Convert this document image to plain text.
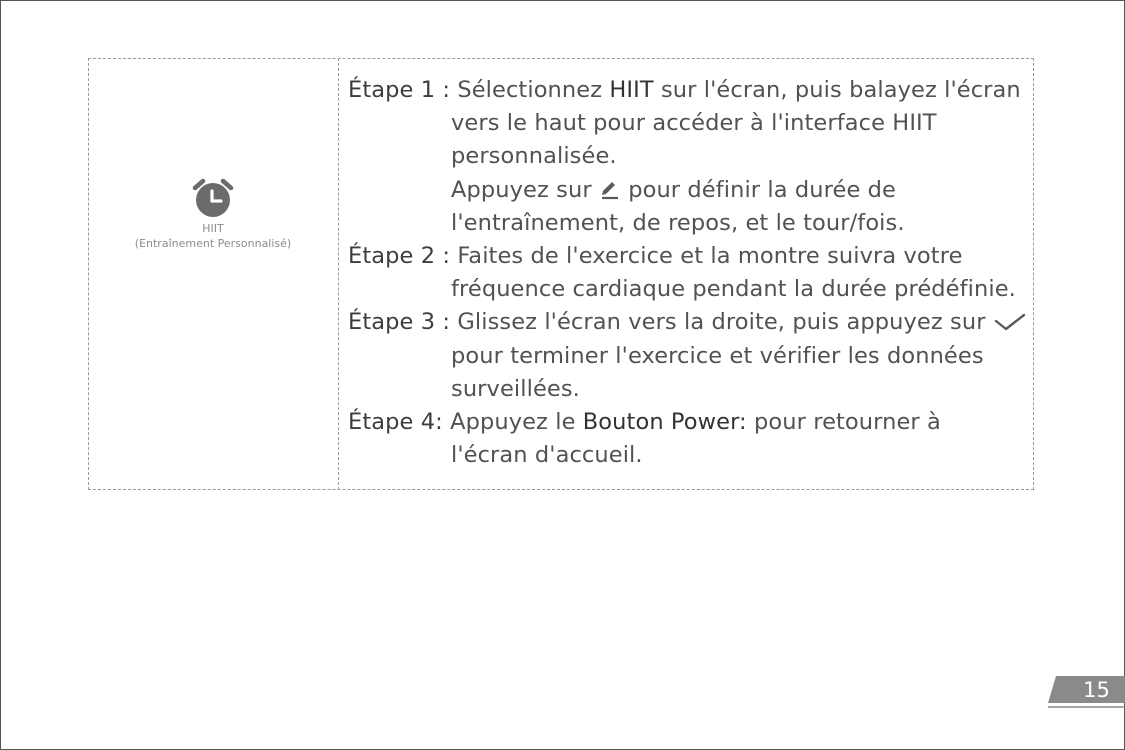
HIIT
(Entraînement Personnalisé)
Étape 1 : Sélectionnez HIIT sur l'écran, puis balayez l'écran
vers le haut pour accéder à l'interface HIIT
personnalisée.
Appuyez sur  pour définir la durée de
l'entraînement, de repos, et le tour/fois.
Étape 2 : Faites de l'exercice et la montre suivra votre
fréquence cardiaque pendant la durée prédéfinie.
Étape 3 : Glissez l'écran vers la droite, puis appuyez sur
pour terminer l'exercice et vérifier les données
surveillées.
Étape 4: Appuyez le Bouton Power: pour retourner à
l'écran d'accueil.
15
